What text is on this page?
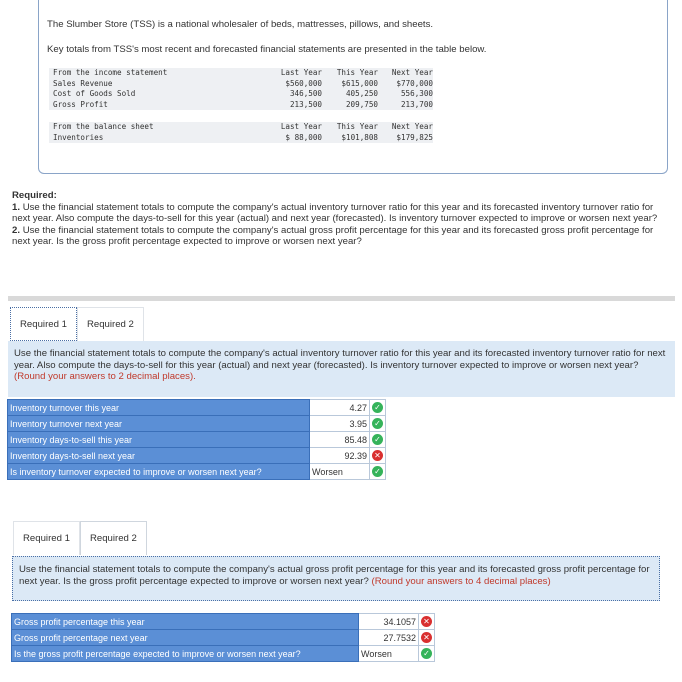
The Slumber Store (TSS) is a national wholesaler of beds, mattresses, pillows, and sheets.
Key totals from TSS's most recent and forecasted financial statements are presented in the table below.
From the income statement	Last Year	This Year	Next Year
Sales Revenue	$560,000	$615,000	$770,000
Cost of Goods Sold	346,500	405,250	556,300
Gross Profit	213,500	209,750	213,700
From the balance sheet	Last Year	This Year	Next Year
Inventories	$ 88,000	$101,808	$179,825
Required:
1. Use the financial statement totals to compute the company's actual inventory turnover ratio for this year and its forecasted inventory turnover ratio for next year. Also compute the days-to-sell for this year (actual) and next year (forecasted). Is inventory turnover expected to improve or worsen next year?
2. Use the financial statement totals to compute the company's actual gross profit percentage for this year and its forecasted gross profit percentage for next year. Is the gross profit percentage expected to improve or worsen next year?
Required 1	Required 2
Use the financial statement totals to compute the company's actual inventory turnover ratio for this year and its forecasted inventory turnover ratio for next year. Also compute the days-to-sell for this year (actual) and next year (forecasted). Is inventory turnover expected to improve or worsen next year? (Round your answers to 2 decimal places).
Inventory turnover this year	4.27	✓
Inventory turnover next year	3.95	✓
Inventory days-to-sell this year	85.48	✓
Inventory days-to-sell next year	92.39	✕
Is inventory turnover expected to improve or worsen next year?	Worsen	✓
Required 1	Required 2
Use the financial statement totals to compute the company's actual gross profit percentage for this year and its forecasted gross profit percentage for next year. Is the gross profit percentage expected to improve or worsen next year? (Round your answers to 4 decimal places)
Gross profit percentage this year	34.1057	✕
Gross profit percentage next year	27.7532	✕
Is the gross profit percentage expected to improve or worsen next year?	Worsen	✓
